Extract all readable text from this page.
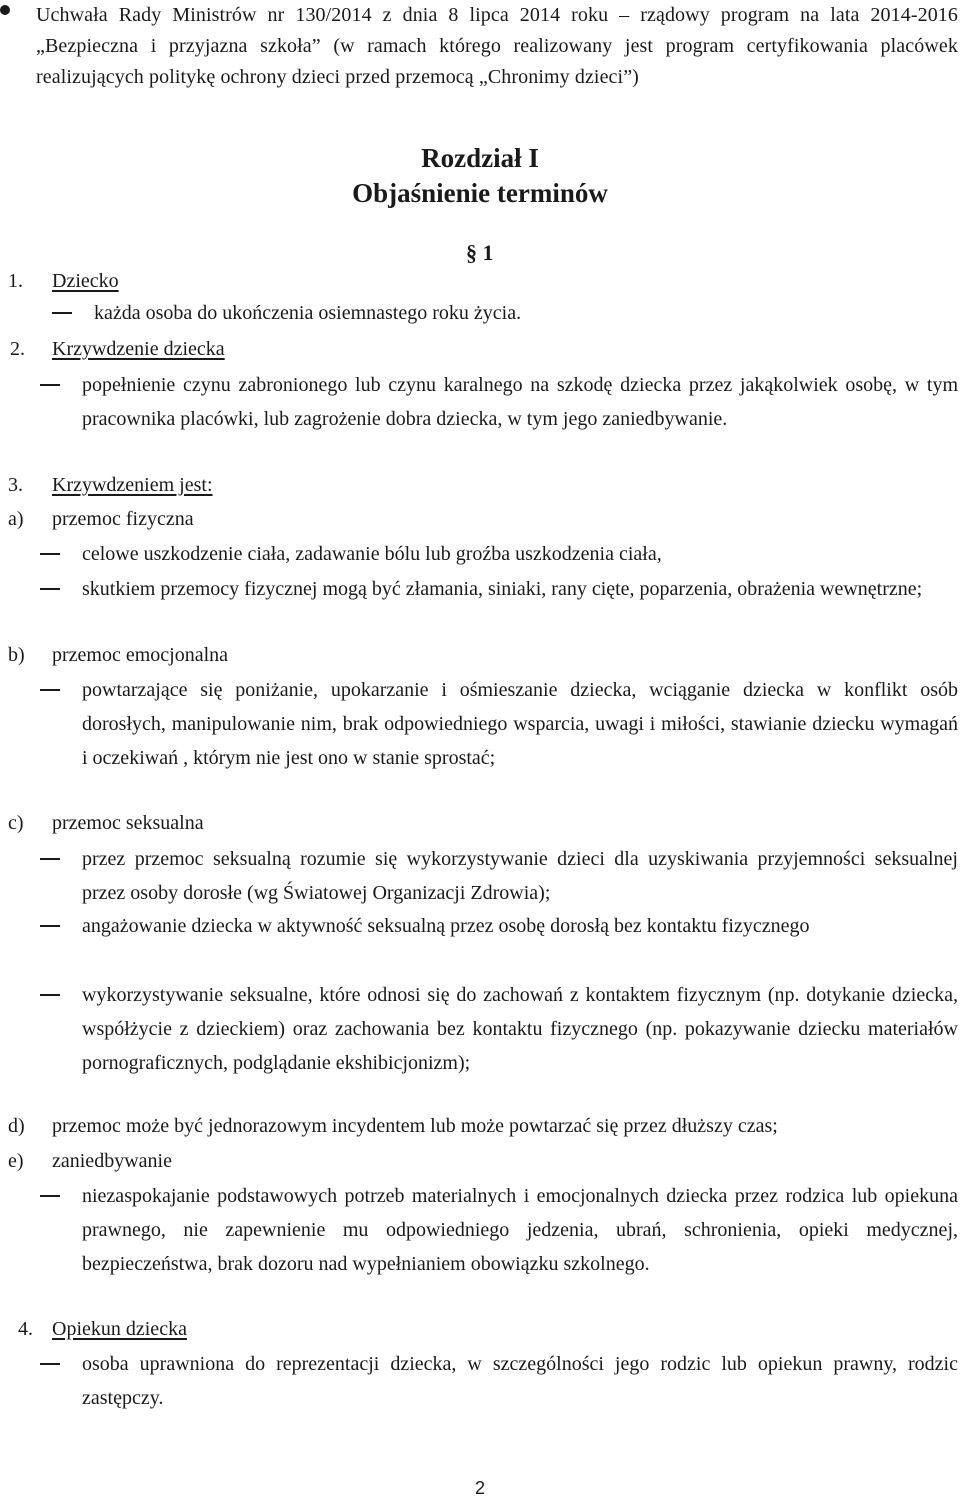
Uchwała Rady Ministrów nr 130/2014 z dnia 8 lipca 2014 roku – rządowy program na lata 2014-2016 „Bezpieczna i przyjazna szkoła” (w ramach którego realizowany jest program certyfikowania placówek realizujących politykę ochrony dzieci przed przemocą „Chronimy dzieci”)

Rozdział I
Objaśnienie terminów
§ 1
1. Dziecko

każda osoba do ukończenia osiemnastego roku życia.

2. Krzywdzenie dziecka

popełnienie czynu zabronionego lub czynu karalnego na szkodę dziecka przez jakąkolwiek osobę, w tym pracownika placówki, lub zagrożenie dobra dziecka, w tym jego zaniedbywanie.

3. Krzywdzeniem jest:
a) przemoc fizyczna

celowe uszkodzenie ciała, zadawanie bólu lub groźba uszkodzenia ciała,

skutkiem przemocy fizycznej mogą być złamania, siniaki, rany cięte, poparzenia, obrażenia wewnętrzne;

b) przemoc emocjonalna

powtarzające się poniżanie, upokarzanie i ośmieszanie dziecka, wciąganie dziecka w konflikt osób dorosłych, manipulowanie nim, brak odpowiedniego wsparcia, uwagi i miłości, stawianie dziecku wymagań i oczekiwań , którym nie jest ono w stanie sprostać;

c) przemoc seksualna

przez przemoc seksualną rozumie się wykorzystywanie dzieci dla uzyskiwania przyjemności seksualnej przez osoby dorosłe (wg Światowej Organizacji Zdrowia);

angażowanie dziecka w aktywność seksualną przez osobę dorosłą bez kontaktu fizycznego

wykorzystywanie seksualne, które odnosi się do zachowań z kontaktem fizycznym (np. dotykanie dziecka, współżycie z dzieckiem) oraz zachowania bez kontaktu fizycznego (np. pokazywanie dziecku materiałów pornograficznych, podglądanie ekshibicjonizm);

d) przemoc może być jednorazowym incydentem lub może powtarzać się przez dłuższy czas;
e) zaniedbywanie

niezaspokajanie podstawowych potrzeb materialnych i emocjonalnych dziecka przez rodzica lub opiekuna prawnego, nie zapewnienie mu odpowiedniego jedzenia, ubrań, schronienia, opieki medycznej, bezpieczeństwa, brak dozoru nad wypełnianiem obowiązku szkolnego.

4. Opiekun dziecka

osoba uprawniona do reprezentacji dziecka, w szczególności jego rodzic lub opiekun prawny, rodzic zastępczy.

2
